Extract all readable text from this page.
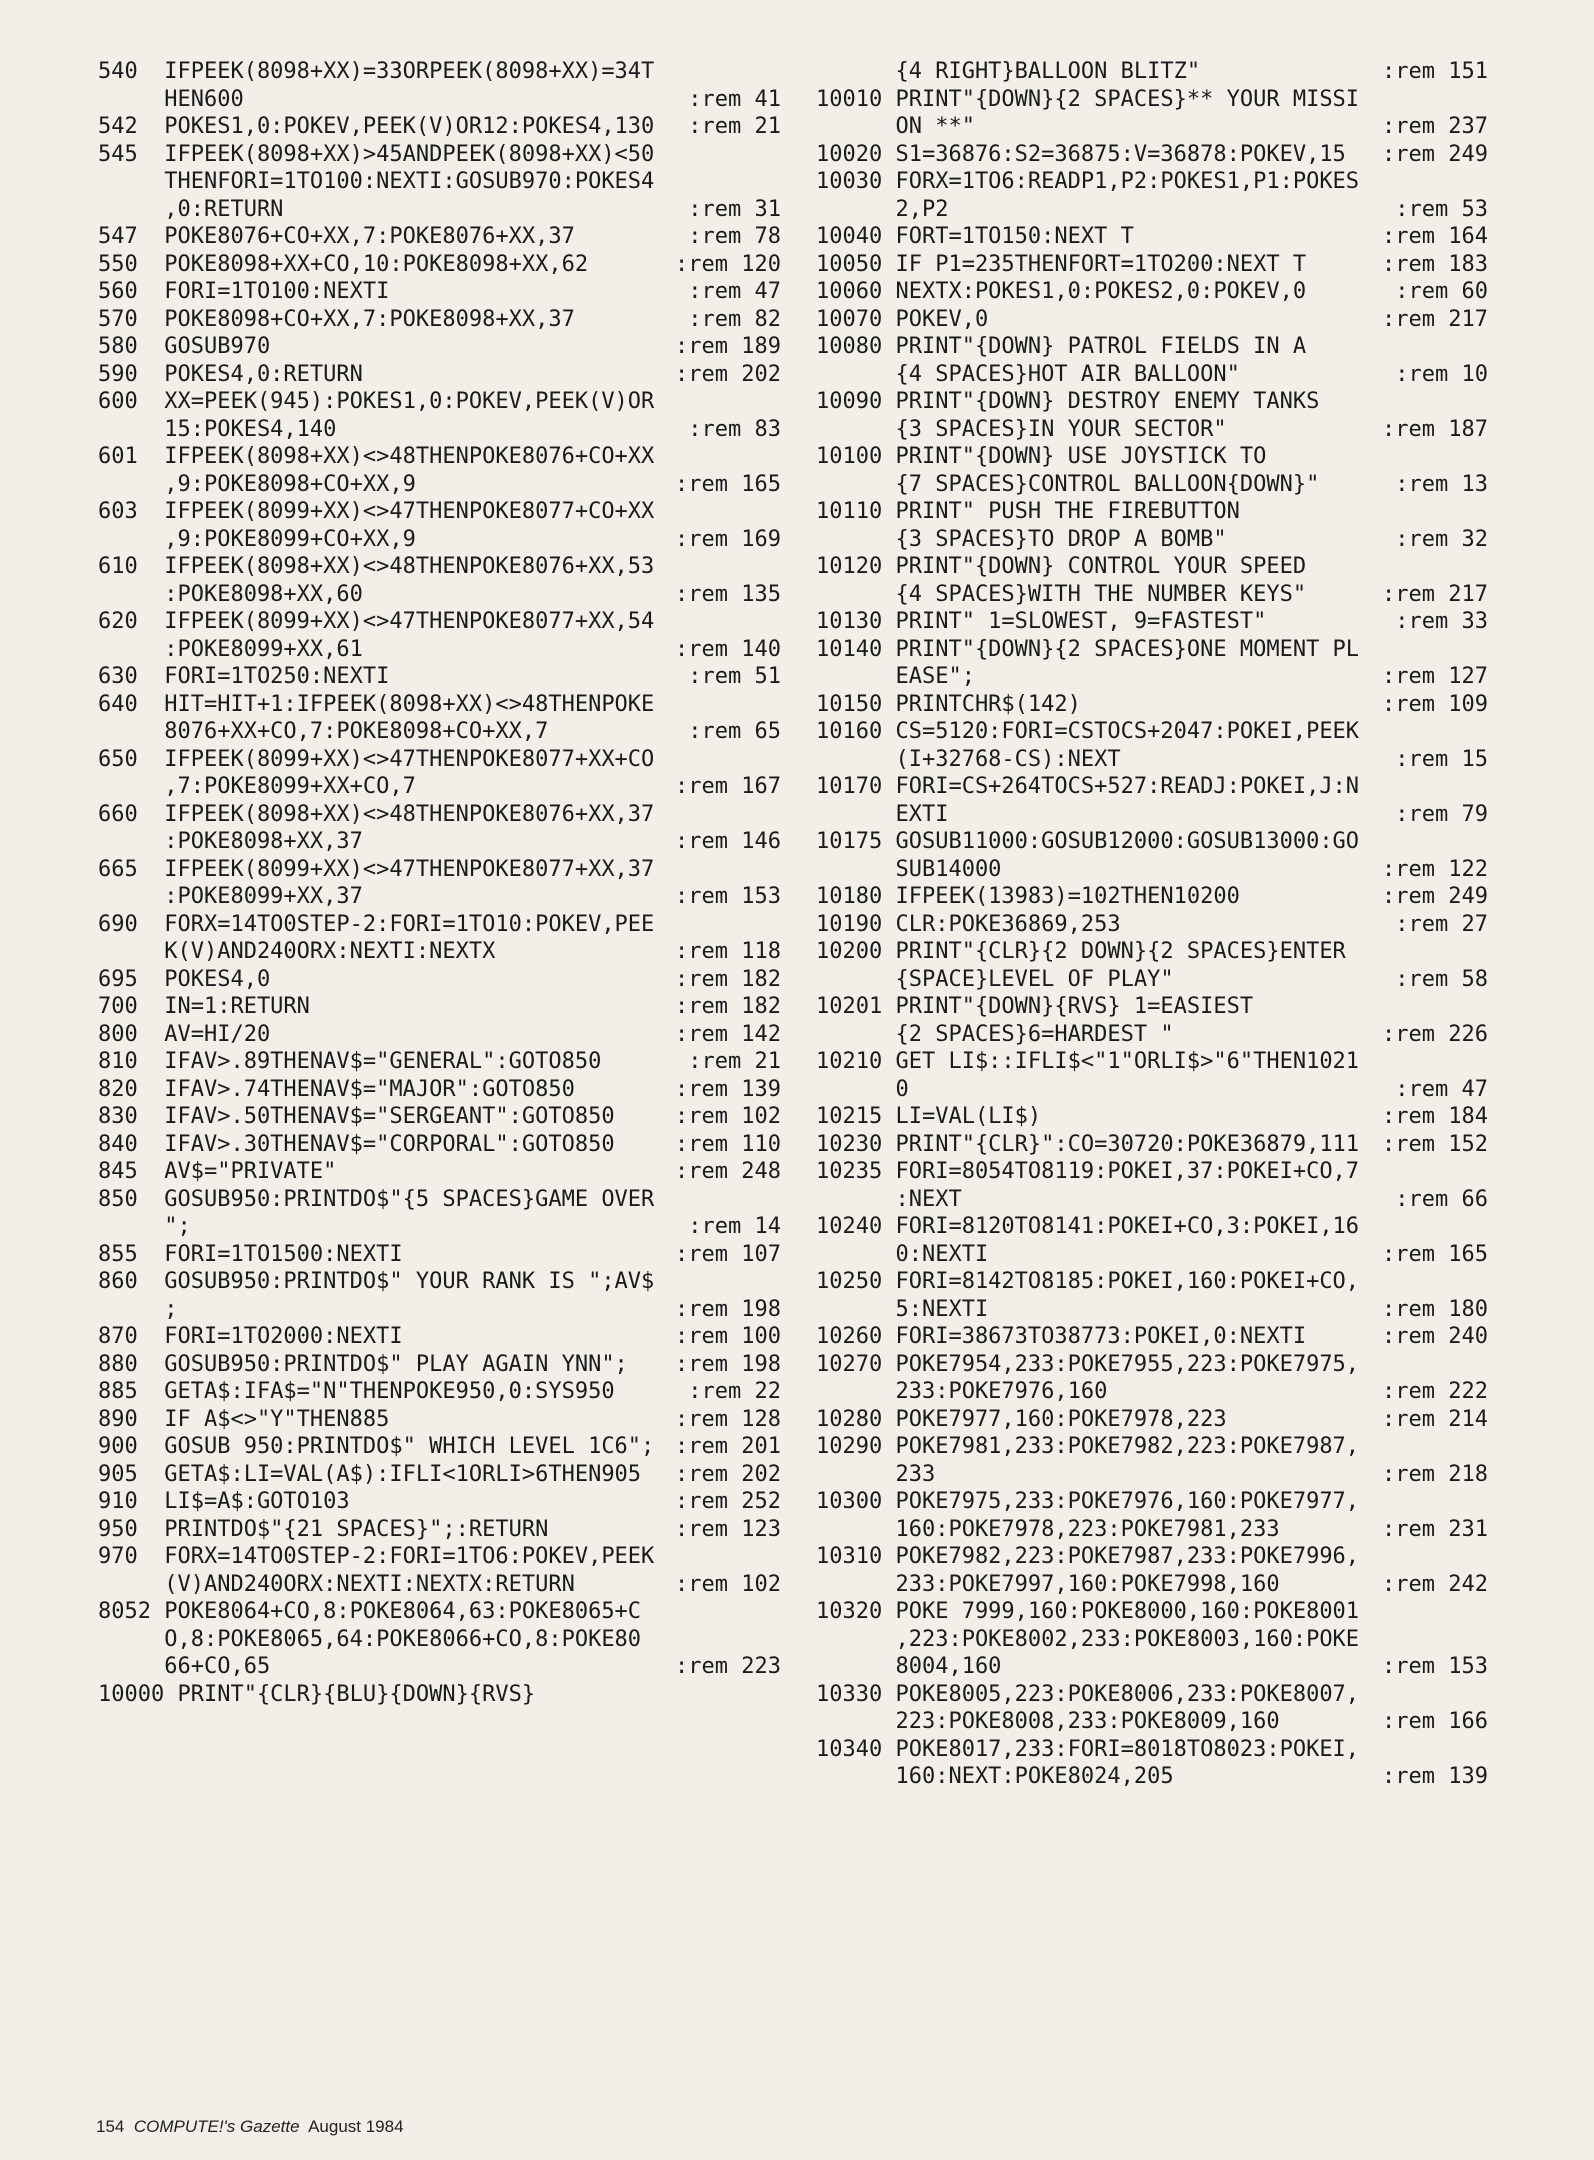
540  IFPEEK(8098+XX)=33ORPEEK(8098+XX)=34T
HEN600	:rem 41
542  POKES1,0:POKEV,PEEK(V)OR12:POKES4,130	:rem 21
545  IFPEEK(8098+XX)>45ANDPEEK(8098+XX)<50
THENFORI=1TO100:NEXTI:GOSUB970:POKES4
,0:RETURN	:rem 31
547  POKE8076+CO+XX,7:POKE8076+XX,37	:rem 78
550  POKE8098+XX+CO,10:POKE8098+XX,62	:rem 120
560  FORI=1TO100:NEXTI	:rem 47
570  POKE8098+CO+XX,7:POKE8098+XX,37	:rem 82
580  GOSUB970	:rem 189
590  POKES4,0:RETURN	:rem 202
600  XX=PEEK(945):POKES1,0:POKEV,PEEK(V)OR
15:POKES4,140	:rem 83
601  IFPEEK(8098+XX)<>48THENPOKE8076+CO+XX
,9:POKE8098+CO+XX,9	:rem 165
603  IFPEEK(8099+XX)<>47THENPOKE8077+CO+XX
,9:POKE8099+CO+XX,9	:rem 169
610  IFPEEK(8098+XX)<>48THENPOKE8076+XX,53
:POKE8098+XX,60	:rem 135
620  IFPEEK(8099+XX)<>47THENPOKE8077+XX,54
:POKE8099+XX,61	:rem 140
630  FORI=1TO250:NEXTI	:rem 51
640  HIT=HIT+1:IFPEEK(8098+XX)<>48THENPOKE
8076+XX+CO,7:POKE8098+CO+XX,7	:rem 65
650  IFPEEK(8099+XX)<>47THENPOKE8077+XX+CO
,7:POKE8099+XX+CO,7	:rem 167
660  IFPEEK(8098+XX)<>48THENPOKE8076+XX,37
:POKE8098+XX,37	:rem 146
665  IFPEEK(8099+XX)<>47THENPOKE8077+XX,37
:POKE8099+XX,37	:rem 153
690  FORX=14TO0STEP-2:FORI=1TO10:POKEV,PEE
K(V)AND240ORX:NEXTI:NEXTX	:rem 118
695  POKES4,0	:rem 182
700  IN=1:RETURN	:rem 182
800  AV=HI/20	:rem 142
810  IFAV>.89THENAV$="GENERAL":GOTO850	:rem 21
820  IFAV>.74THENAV$="MAJOR":GOTO850	:rem 139
830  IFAV>.50THENAV$="SERGEANT":GOTO850	:rem 102
840  IFAV>.30THENAV$="CORPORAL":GOTO850	:rem 110
845  AV$="PRIVATE"	:rem 248
850  GOSUB950:PRINTDO$"{5 SPACES}GAME OVER
";	:rem 14
855  FORI=1TO1500:NEXTI	:rem 107
860  GOSUB950:PRINTDO$" YOUR RANK IS ";AV$
;	:rem 198
870  FORI=1TO2000:NEXTI	:rem 100
880  GOSUB950:PRINTDO$" PLAY AGAIN YNN";	:rem 198
885  GETA$:IFA$="N"THENPOKE950,0:SYS950	:rem 22
890  IF A$<>"Y"THEN885	:rem 128
900  GOSUB 950:PRINTDO$" WHICH LEVEL 1C6"; :rem 201
905  GETA$:LI=VAL(A$):IFLI<1ORLI>6THEN905	:rem 202
910  LI$=A$:GOTO103	:rem 252
950  PRINTDO$"{21 SPACES}";:RETURN	:rem 123
970  FORX=14TO0STEP-2:FORI=1TO6:POKEV,PEEK
(V)AND240ORX:NEXTI:NEXTX:RETURN	:rem 102
8052 POKE8064+CO,8:POKE8064,63:POKE8065+C
O,8:POKE8065,64:POKE8066+CO,8:POKE80
66+CO,65	:rem 223
10000 PRINT"{CLR}{BLU}{DOWN}{RVS}
{4 RIGHT}BALLOON BLITZ"	:rem 151
10010 PRINT"{DOWN}{2 SPACES}** YOUR MISSI
ON **"	:rem 237
10020 S1=36876:S2=36875:V=36878:POKEV,15	:rem 249
10030 FORX=1TO6:READP1,P2:POKES1,P1:POKES
2,P2	:rem 53
10040 FORT=1TO150:NEXT T	:rem 164
10050 IF P1=235THENFORT=1TO200:NEXT T	:rem 183
10060 NEXTX:POKES1,0:POKES2,0:POKEV,0	:rem 60
10070 POKEV,0	:rem 217
10080 PRINT"{DOWN} PATROL FIELDS IN A
{4 SPACES}HOT AIR BALLOON"	:rem 10
10090 PRINT"{DOWN} DESTROY ENEMY TANKS
{3 SPACES}IN YOUR SECTOR"	:rem 187
10100 PRINT"{DOWN} USE JOYSTICK TO
{7 SPACES}CONTROL BALLOON{DOWN}"	:rem 13
10110 PRINT" PUSH THE FIREBUTTON
{3 SPACES}TO DROP A BOMB"	:rem 32
10120 PRINT"{DOWN} CONTROL YOUR SPEED
{4 SPACES}WITH THE NUMBER KEYS"	:rem 217
10130 PRINT" 1=SLOWEST, 9=FASTEST"	:rem 33
10140 PRINT"{DOWN}{2 SPACES}ONE MOMENT PL
EASE";	:rem 127
10150 PRINTCHR$(142)	:rem 109
10160 CS=5120:FORI=CSTOCS+2047:POKEI,PEEK
(I+32768-CS):NEXT	:rem 15
10170 FORI=CS+264TOCS+527:READJ:POKEI,J:N
EXTI	:rem 79
10175 GOSUB11000:GOSUB12000:GOSUB13000:GO
SUB14000	:rem 122
10180 IFPEEK(13983)=102THEN10200	:rem 249
10190 CLR:POKE36869,253	:rem 27
10200 PRINT"{CLR}{2 DOWN}{2 SPACES}ENTER
{SPACE}LEVEL OF PLAY"	:rem 58
10201 PRINT"{DOWN}{RVS} 1=EASIEST
{2 SPACES}6=HARDEST "	:rem 226
10210 GET LI$::IFLI$<"1"ORLI$>"6"THEN1021
0	:rem 47
10215 LI=VAL(LI$)	:rem 184
10230 PRINT"{CLR}":CO=30720:POKE36879,111	:rem 152
10235 FORI=8054TO8119:POKEI,37:POKEI+CO,7
:NEXT	:rem 66
10240 FORI=8120TO8141:POKEI+CO,3:POKEI,16
0:NEXTI	:rem 165
10250 FORI=8142TO8185:POKEI,160:POKEI+CO,
5:NEXTI	:rem 180
10260 FORI=38673TO38773:POKEI,0:NEXTI	:rem 240
10270 POKE7954,233:POKE7955,223:POKE7975,
233:POKE7976,160	:rem 222
10280 POKE7977,160:POKE7978,223	:rem 214
10290 POKE7981,233:POKE7982,223:POKE7987,
233	:rem 218
10300 POKE7975,233:POKE7976,160:POKE7977,
160:POKE7978,223:POKE7981,233	:rem 231
10310 POKE7982,223:POKE7987,233:POKE7996,
233:POKE7997,160:POKE7998,160	:rem 242
10320 POKE 7999,160:POKE8000,160:POKE8001
,223:POKE8002,233:POKE8003,160:POKE
8004,160	:rem 153
10330 POKE8005,223:POKE8006,233:POKE8007,
223:POKE8008,233:POKE8009,160	:rem 166
10340 POKE8017,233:FORI=8018TO8023:POKEI,
160:NEXT:POKE8024,205	:rem 139
154 COMPUTE!'s Gazette August 1984
